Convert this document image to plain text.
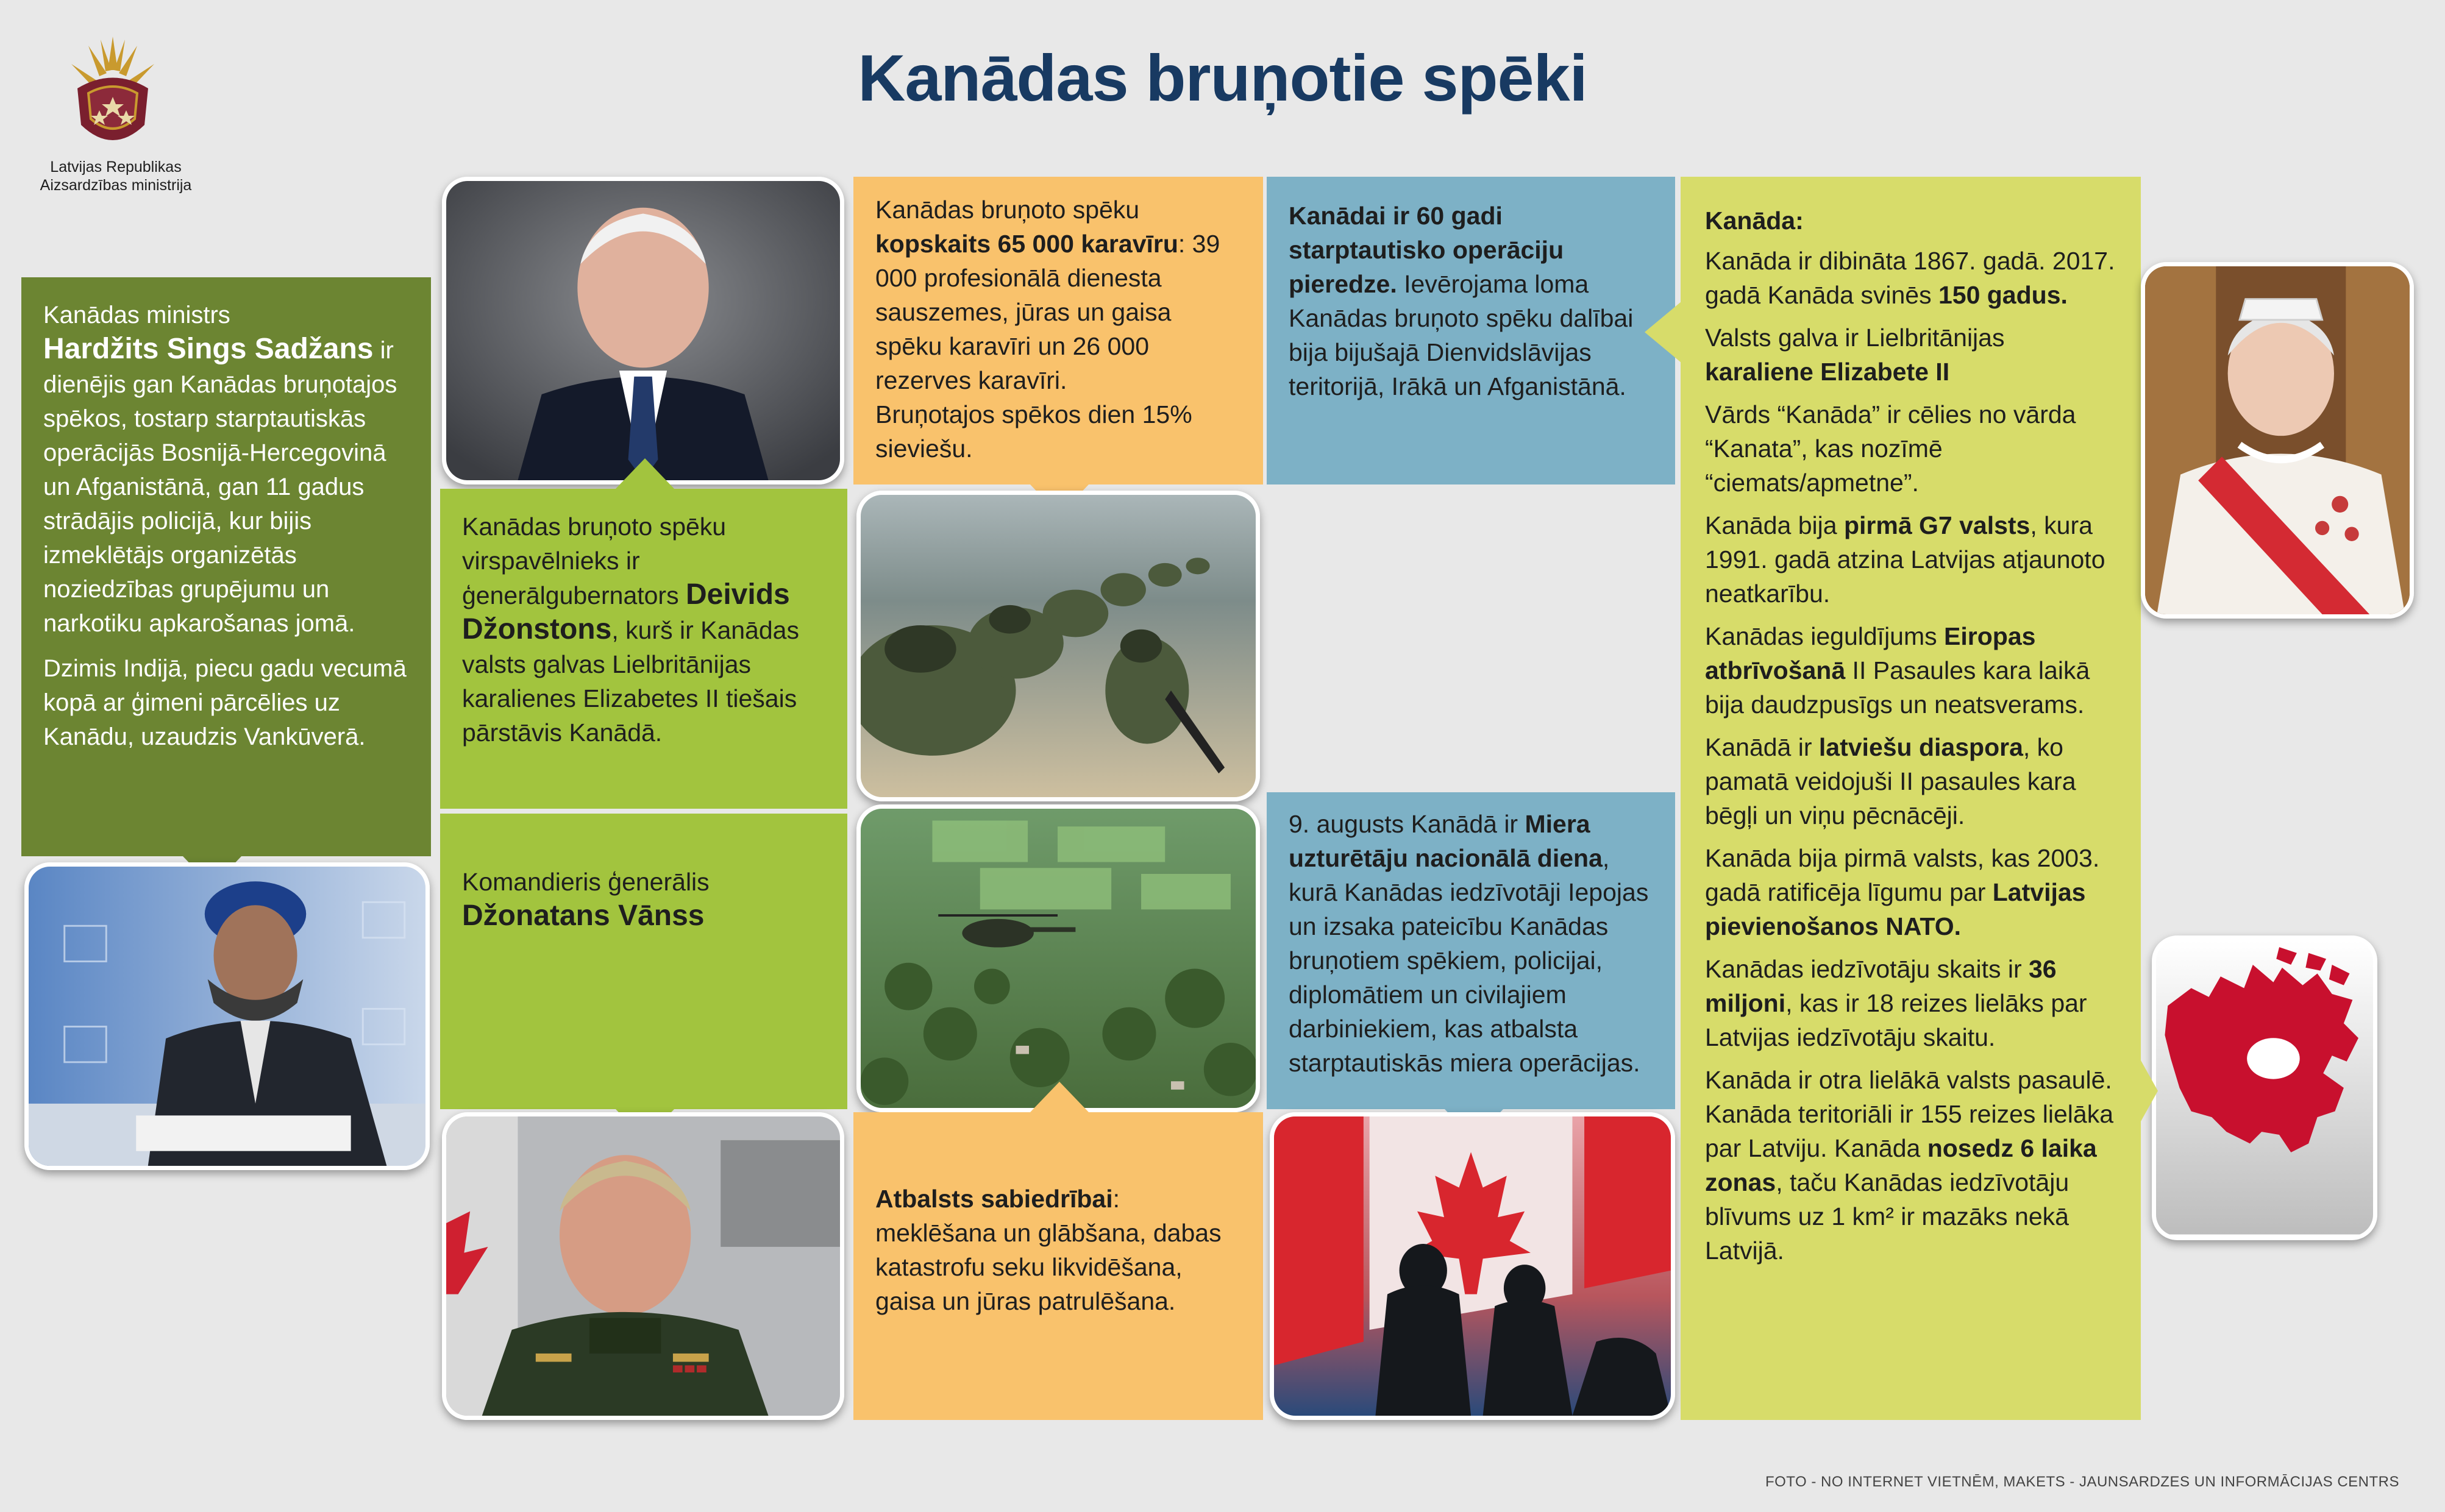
Kanādas bruņotie spēki
Latvijas Republikas
Aizsardzības ministrija

Kanādas ministrs
Hardžits Sings Sadžans ir dienējis gan Kanādas bruņotajos spēkos, tostarp starptautiskās operācijās Bosnijā-Hercegovinā un Afganistānā, gan 11 gadus strādājis policijā, kur bijis izmeklētājs organizētās noziedzības grupējumu un narkotiku apkarošanas jomā.

Dzimis Indijā, piecu gadu vecumā kopā ar ģimeni pārcēlies uz Kanādu, uzaudzis Vankūverā.

Kanādas bruņoto spēku virspavēlnieks ir ģenerālgubernators Deivids Džonstons, kurš ir Kanādas valsts galvas Lielbritānijas karalienes Elizabetes II tiešais pārstāvis Kanādā.

Komandieris ģenerālis
Džonatans Vānss

Kanādas bruņoto spēku kopskaits 65 000 karavīru: 39 000 profesionālā dienesta sauszemes, jūras un gaisa spēku karavīri un 26 000 rezerves karavīri.
Bruņotajos spēkos dien 15% sieviešu.

Atbalsts sabiedrībai: meklēšana un glābšana, dabas katastrofu seku likvidēšana, gaisa un jūras patrulēšana.

Kanādai ir 60 gadi starptautisko operāciju pieredze. Ievērojama loma Kanādas bruņoto spēku dalībai bija bijušajā Dienvidslāvijas teritorijā, Irākā un Afganistānā.

9. augusts Kanādā ir Miera uzturētāju nacionālā diena, kurā Kanādas iedzīvotāji Iepojas un izsaka pateicību Kanādas bruņotiem spēkiem, policijai, diplomātiem un civilajiem darbiniekiem, kas atbalsta starptautiskās miera operācijas.

Kanāda:

Kanāda ir dibināta 1867. gadā. 2017. gadā Kanāda svinēs 150 gadus.

Valsts galva ir Lielbritānijas karaliene Elizabete II

Vārds “Kanāda” ir cēlies no vārda “Kanata”, kas nozīmē “ciemats/apmetne”.

Kanāda bija pirmā G7 valsts, kura 1991. gadā atzina Latvijas atjaunoto neatkarību.

Kanādas ieguldījums Eiropas atbrīvošanā II Pasaules kara laikā bija daudzpusīgs un neatsverams.

Kanādā ir latviešu diaspora, ko pamatā veidojuši II pasaules kara bēgļi un viņu pēcnācēji.

Kanāda bija pirmā valsts, kas 2003. gadā ratificēja līgumu par Latvijas pievienošanos NATO.

Kanādas iedzīvotāju skaits ir 36 miljoni, kas ir 18 reizes lielāks par Latvijas iedzīvotāju skaitu.

Kanāda ir otra lielākā valsts pasaulē. Kanāda teritoriāli ir 155 reizes lielāka par Latviju. Kanāda nosedz 6 laika zonas, taču Kanādas iedzīvotāju blīvums uz 1 km² ir mazāks nekā Latvijā.

FOTO - NO INTERNET VIETNĒM, MAKETS - JAUNSARDZES UN INFORMĀCIJAS CENTRS
